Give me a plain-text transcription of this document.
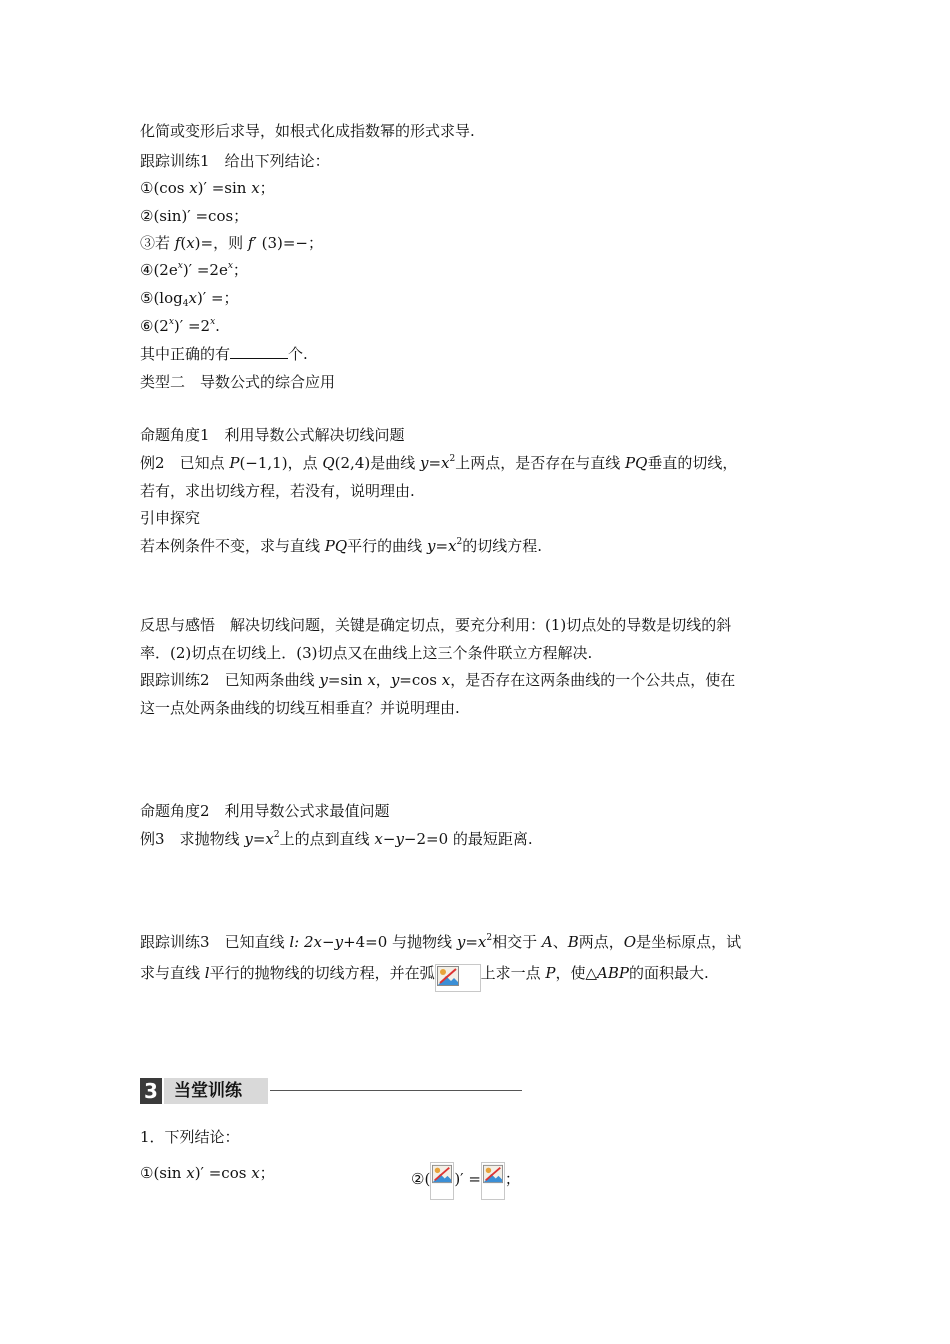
化简或变形后求导，如根式化成指数幂的形式求导.
跟踪训练1　 给出下列结论：
①(cos x)′ =sin x；
②(sin)′ =cos；
③若 f(x)=，则 f′ (3)=−；
$④(2e^x)' =2e^x$；
$⑤(\log_4x)'$ =；
$⑥(2^x)' =2^x$.
其中正确的有	个.
类型二　导数公式的综合应用
命题角度1　利用导数公式解决切线问题
例2　 已知点 P(−1,1)，点 Q(2,4)是曲线 $y=x^2$上两点，是否存在与直线 PQ垂直的切线，
若有，求出切线方程，若没有，说明理由.
引申探究
若本例条件不变，求与直线 PQ平行的曲线 $y=x^2$的切线方程.
反思与感悟　解决切线问题，关键是确定切点，要充分利用：(1)切点处的导数是切线的斜
率．(2)切点在切线上．(3)切点又在曲线上这三个条件联立方程解决.
跟踪训练2　 已知两条曲线 y=sin x，y=cos x，是否存在这两条曲线的一个公共点，使在
这一点处两条曲线的切线互相垂直？并说明理由.
命题角度2　利用导数公式求最值问题
例3　 求抛物线 $y=x^2$上的点到直线 x−y−2=0 的最短距离.
跟踪训练3　 已知直线 l: 2x−y+4=0 与抛物线 $y=x^2$相交于 A、B两点，O是坐标原点，试
求与直线 l平行的抛物线的切线方程，并在弧	上求一点 P，使△ABP的面积最大.
3 当堂训练
1．下列结论：
①(sin x)′ =cos x；	②( )′ = ；
